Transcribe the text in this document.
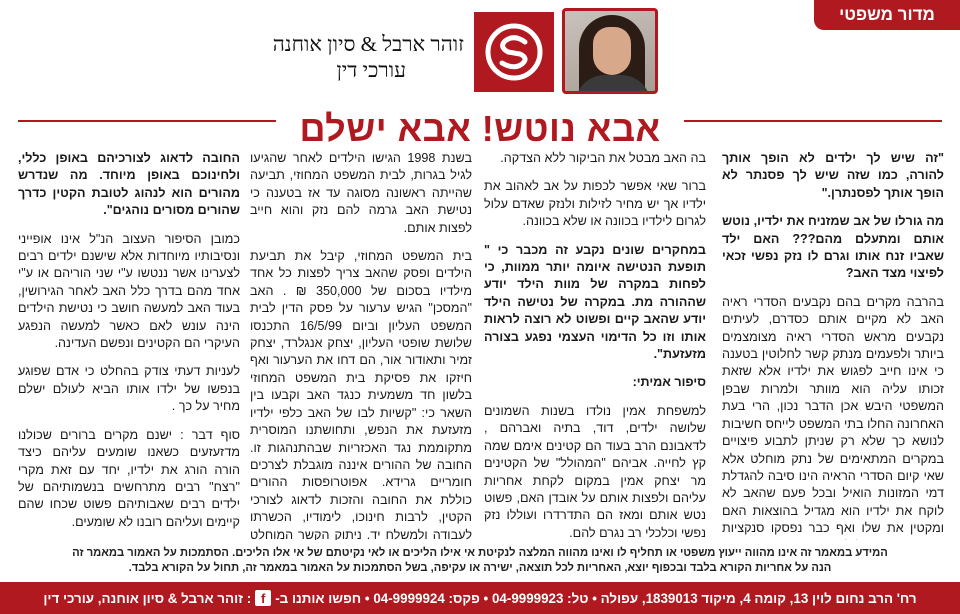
מדור משפטי
זוהר ארבל & סיון אוחנה
עורכי דין
אבא נוטש! אבא ישלם

"זה שיש לך ילדים לא הופך אותך להורה, כמו שזה שיש לך פסנתר לא הופך אותך לפסנתרן."

מה גורלו של אב שמזניח את ילדיו, נוטש אותם ומתעלם מהם??? האם ילד שאביו זנח אותו וגרם לו נזק נפשי זכאי לפיצוי מצד האב?

בהרבה מקרים בהם נקבעים הסדרי ראיה האב לא מקיים אותם כסדרם, לעיתים נקבעים מראש הסדרי ראיה מצומצמים ביותר ולפעמים מנתק קשר לחלוטין בטענה כי אינו חייב לפגוש את ילדיו אלא שזאת זכותו עליה הוא מוותר ולמרות שבפן המשפטי היבש אכן הדבר נכון, הרי בעת האחרונה החלו בתי המשפט לייחס חשיבות לנושא כך שלא רק שניתן לתבוע פיצויים במקרים המתאימים של נתק מוחלט אלא שאי קיום הסדרי הראיה הינו סיבה להגדלת דמי המזונות הואיל ובכל פעם שהאב לא לוקח את ילדיו הוא מגדיל בהוצאות האם ומקטין את שלו ואף כבר נפסקו סנקציות

בה האב מבטל את הביקור ללא הצדקה.

ברור שאי אפשר לכפות על אב לאהוב את ילדיו אך יש מחיר לזילות ולנזק שאדם עלול לגרום לילדיו בכוונה או שלא בכוונה.

במחקרים שונים נקבע זה מכבר כי " תופעת הנטישה איומה יותר ממוות, כי לפחות במקרה של מוות הילד יודע שההורה מת. במקרה של נטישה הילד יודע שהאב קיים ופשוט לא רוצה לראות אותו וזו כל הדימוי העצמי נפגע בצורה מזעזעת".

סיפור אמיתי:

למשפחת אמין נולדו בשנות השמונים שלושה ילדים, דוד, בתיה ואברהם , לדאבונם הרב בעוד הם קטינים אימם שמה קץ לחייה. אביהם "המהולל" של הקטינים מר יצחק אמין במקום לקחת אחריות עליהם ולפצות אותם על אובדן האם, פשוט נטש אותם ומאז הם התדרדרו ועוללו נזק נפשי וכלכלי רב נגרם להם.

בשנת 1998 הגישו הילדים לאחר שהגיעו לגיל בגרות, לבית המשפט המחוזי, תביעה שהייתה ראשונה מסוגה עד אז בטענה כי נטישת האב גרמה להם נזק והוא חייב לפצות אותם.

בית המשפט המחוזי, קיבל את תביעת הילדים ופסק שהאב צריך לפצות כל אחד מילדיו בסכום של 350,000 ₪ . האב "המסכן" הגיש ערעור על פסק הדין לבית המשפט העליון וביום 16/5/99 התכנסו שלושת שופטי העליון, יצחק אנגלרד, יצחק זמיר ותאודור אור, הם דחו את הערעור ואף חיזקו את פסיקת בית המשפט המחוזי בלשון חד משמעית כנגד האב וקבעו בין השאר כי: "קשיות לבו של האב כלפי ילדיו מזעזעת את הנפש, ותחושתנו המוסרית מתקוממת נגד האכזריות שבהתנהגות זו. החובה של ההורים איננה מוגבלת לצרכים חומריים גרידא. אפוטרופסות ההורים כוללת את החובה והזכות לדאוג לצורכי הקטין, לרבות חינוכו, לימודיו, הכשרתו לעבודה ולמשלח יד. ניתוק הקשר המוחלט

החובה לדאוג לצורכיהם באופן כללי, ולחינוכם באופן מיוחד. מה שנדרש מהורים הוא לנהוג לטובת הקטין כדרך שהורים מסורים נוהגים".

כמובן הסיפור העצוב הנ"ל אינו אופייני ונסיבותיו מיוחדות אלא שישנם ילדים רבים לצערינו אשר ננטשו ע"י שני הוריהם או ע"י אחד מהם בדרך כלל האב לאחר הגירושין, בעוד האב למעשה חושב כי נטישת הילדים הינה עונש לאם כאשר למעשה הנפגע העיקרי הם הקטינים ונפשם העדינה.

לעניות דעתי צודק בהחלט כי אדם שפוגע בנפשו של ילדו אותו הביא לעולם ישלם מחיר על כך .

סוף דבר : ישנם מקרים ברורים שכולנו מדזעזעים כשאנו שומעים עליהם כיצד הורה הורג את ילדיו, יחד עם זאת מקרי "רצח" רבים מתרחשים בנשמותיהם של ילדים רבים שאבותיהם פשוט שכחו שהם קיימים ועליהם רובנו לא שומעים.

המידע במאמר זה אינו מהווה ייעוץ משפטי או תחליף לו ואינו מהווה המלצה לנקיטת אי אילו הליכים או לאי נקיטתם של אי אלו הליכים. הסתמכות על האמור במאמר זה
הנה על אחריות הקורא בלבד ובכפוף יוצא, האחריות לכל תוצאה, ישירה או עקיפה, בשל הסתמכות על האמור במאמר זה, תחול על הקורא בלבד.
רח' הרב נחום לוין 13, קומה 4, מיקוד 1839013, עפולה • טל: 04-9999923 • פקס: 04-9999924 • חפשו אותנו ב-
f
: זוהר ארבל & סיון אוחנה, עורכי דין
